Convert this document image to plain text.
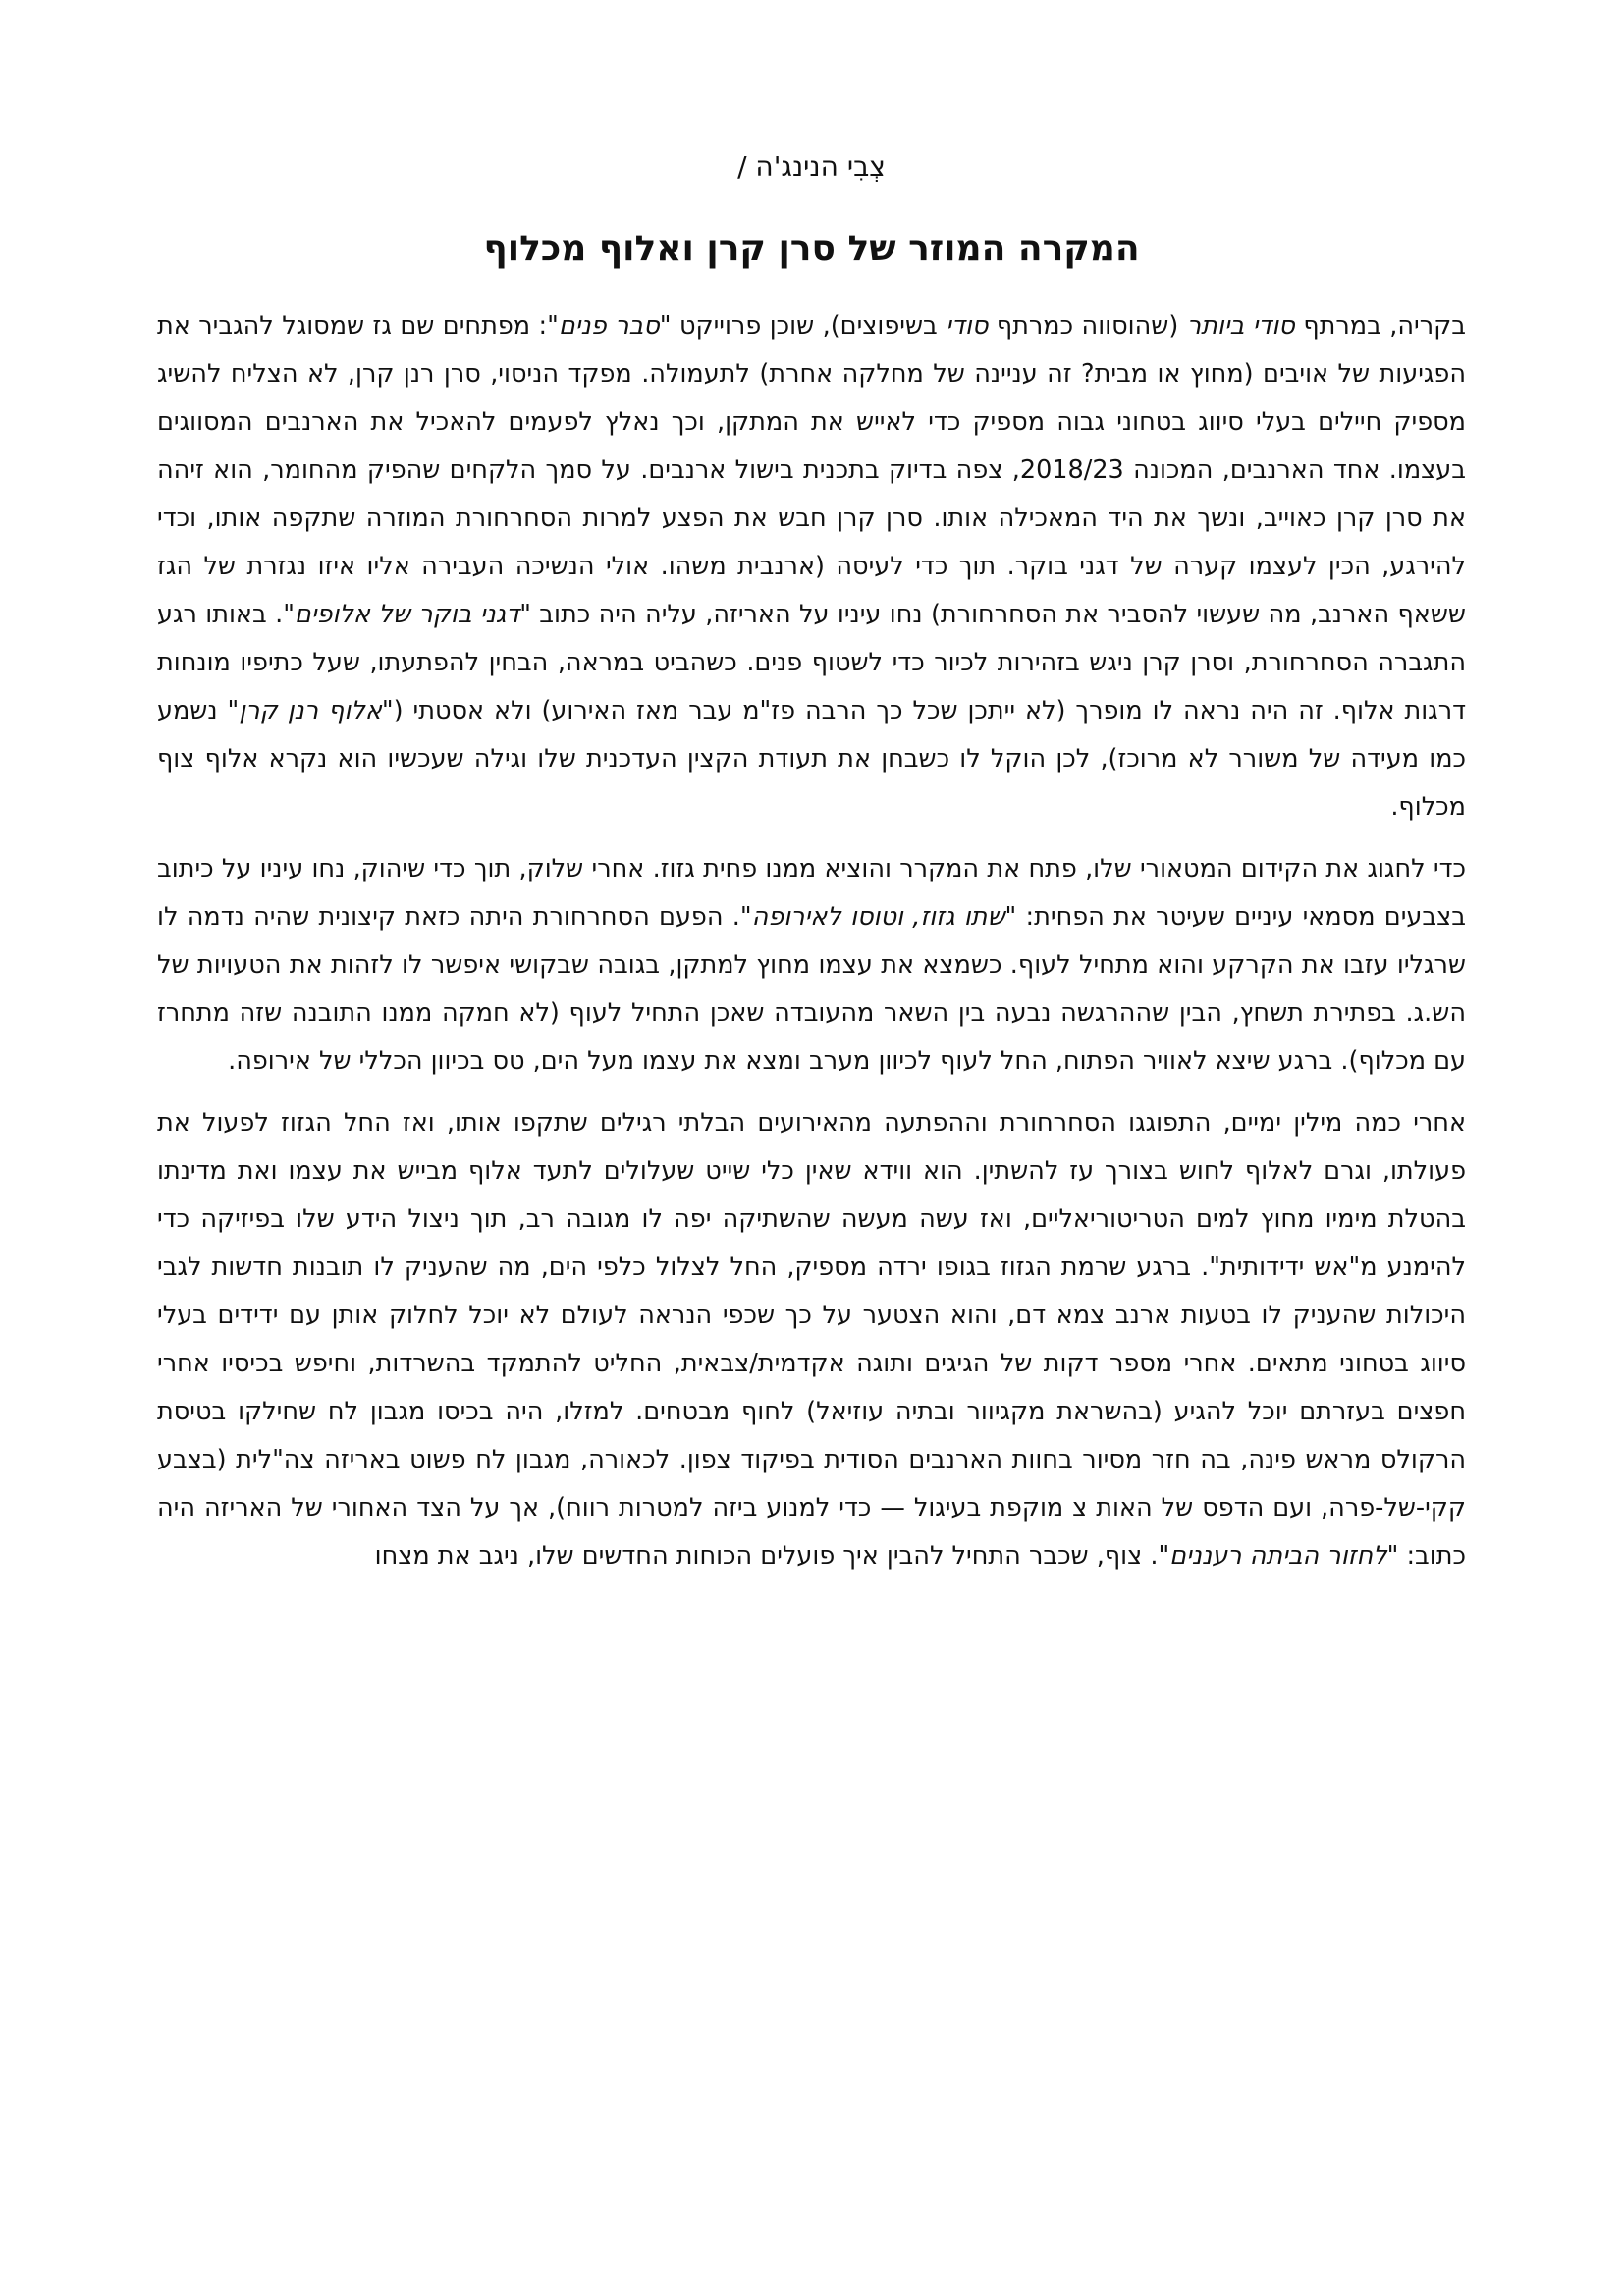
צְבִי הנינג'ה /
המקרה המוזר של סרן קרן ואלוף מכלוף

בקריה, במרתף סודי ביותר (שהוסווה כמרתף סודי בשיפוצים), שוכן פרוייקט "סבר פנים": מפתחים שם גז שמסוגל להגביר את הפגיעות של אויבים (מחוץ או מבית? זה עניינה של מחלקה אחרת) לתעמולה. מפקד הניסוי, סרן רנן קרן, לא הצליח להשיג מספיק חיילים בעלי סיווג בטחוני גבוה מספיק כדי לאייש את המתקן, וכך נאלץ לפעמים להאכיל את הארנבים המסווגים בעצמו. אחד הארנבים, המכונה 2018/23, צפה בדיוק בתכנית בישול ארנבים. על סמך הלקחים שהפיק מהחומר, הוא זיהה את סרן קרן כאוייב, ונשך את היד המאכילה אותו. סרן קרן חבש את הפצע למרות הסחרחורת המוזרה שתקפה אותו, וכדי להירגע, הכין לעצמו קערה של דגני בוקר. תוך כדי לעיסה (ארנבית משהו. אולי הנשיכה העבירה אליו איזו נגזרת של הגז ששאף הארנב, מה שעשוי להסביר את הסחרחורת) נחו עיניו על האריזה, עליה היה כתוב "דגני בוקר של אלופים". באותו רגע התגברה הסחרחורת, וסרן קרן ניגש בזהירות לכיור כדי לשטוף פנים. כשהביט במראה, הבחין להפתעתו, שעל כתיפיו מונחות דרגות אלוף. זה היה נראה לו מופרך (לא ייתכן שכל כך הרבה פז"מ עבר מאז האירוע) ולא אסטתי ("אלוף רנן קרן" נשמע כמו מעידה של משורר לא מרוכז), לכן הוקל לו כשבחן את תעודת הקצין העדכנית שלו וגילה שעכשיו הוא נקרא אלוף צוף מכלוף.

כדי לחגוג את הקידום המטאורי שלו, פתח את המקרר והוציא ממנו פחית גזוז. אחרי שלוק, תוך כדי שיהוק, נחו עיניו על כיתוב בצבעים מסמאי עיניים שעיטר את הפחית: "שתו גזוז, וטוסו לאירופה". הפעם הסחרחורת היתה כזאת קיצונית שהיה נדמה לו שרגליו עזבו את הקרקע והוא מתחיל לעוף. כשמצא את עצמו מחוץ למתקן, בגובה שבקושי איפשר לו לזהות את הטעויות של הש.ג. בפתירת תשחץ, הבין שההרגשה נבעה בין השאר מהעובדה שאכן התחיל לעוף (לא חמקה ממנו התובנה שזה מתחרז עם מכלוף). ברגע שיצא לאוויר הפתוח, החל לעוף לכיוון מערב ומצא את עצמו מעל הים, טס בכיוון הכללי של אירופה.

אחרי כמה מילין ימיים, התפוגגו הסחרחורת וההפתעה מהאירועים הבלתי רגילים שתקפו אותו, ואז החל הגזוז לפעול את פעולתו, וגרם לאלוף לחוש בצורך עז להשתין. הוא ווידא שאין כלי שייט שעלולים לתעד אלוף מבייש את עצמו ואת מדינתו בהטלת מימיו מחוץ למים הטריטוריאליים, ואז עשה מעשה שהשתיקה יפה לו מגובה רב, תוך ניצול הידע שלו בפיזיקה כדי להימנע מ"אש ידידותית". ברגע שרמת הגזוז בגופו ירדה מספיק, החל לצלול כלפי הים, מה שהעניק לו תובנות חדשות לגבי היכולות שהעניק לו בטעות ארנב צמא דם, והוא הצטער על כך שכפי הנראה לעולם לא יוכל לחלוק אותן עם ידידים בעלי סיווג בטחוני מתאים. אחרי מספר דקות של הגיגים ותוגה אקדמית/צבאית, החליט להתמקד בהשרדות, וחיפש בכיסיו אחרי חפצים בעזרתם יוכל להגיע (בהשראת מקגיוור ובתיה עוזיאל) לחוף מבטחים. למזלו, היה בכיסו מגבון לח שחילקו בטיסת הרקולס מראש פינה, בה חזר מסיור בחוות הארנבים הסודית בפיקוד צפון. לכאורה, מגבון לח פשוט באריזה צה"לית (בצבע קקי-של-פרה, ועם הדפס של האות צ מוקפת בעיגול — כדי למנוע ביזה למטרות רווח), אך על הצד האחורי של האריזה היה כתוב: "לחזור הביתה רעננים". צוף, שכבר התחיל להבין איך פועלים הכוחות החדשים שלו, ניגב את מצחו
